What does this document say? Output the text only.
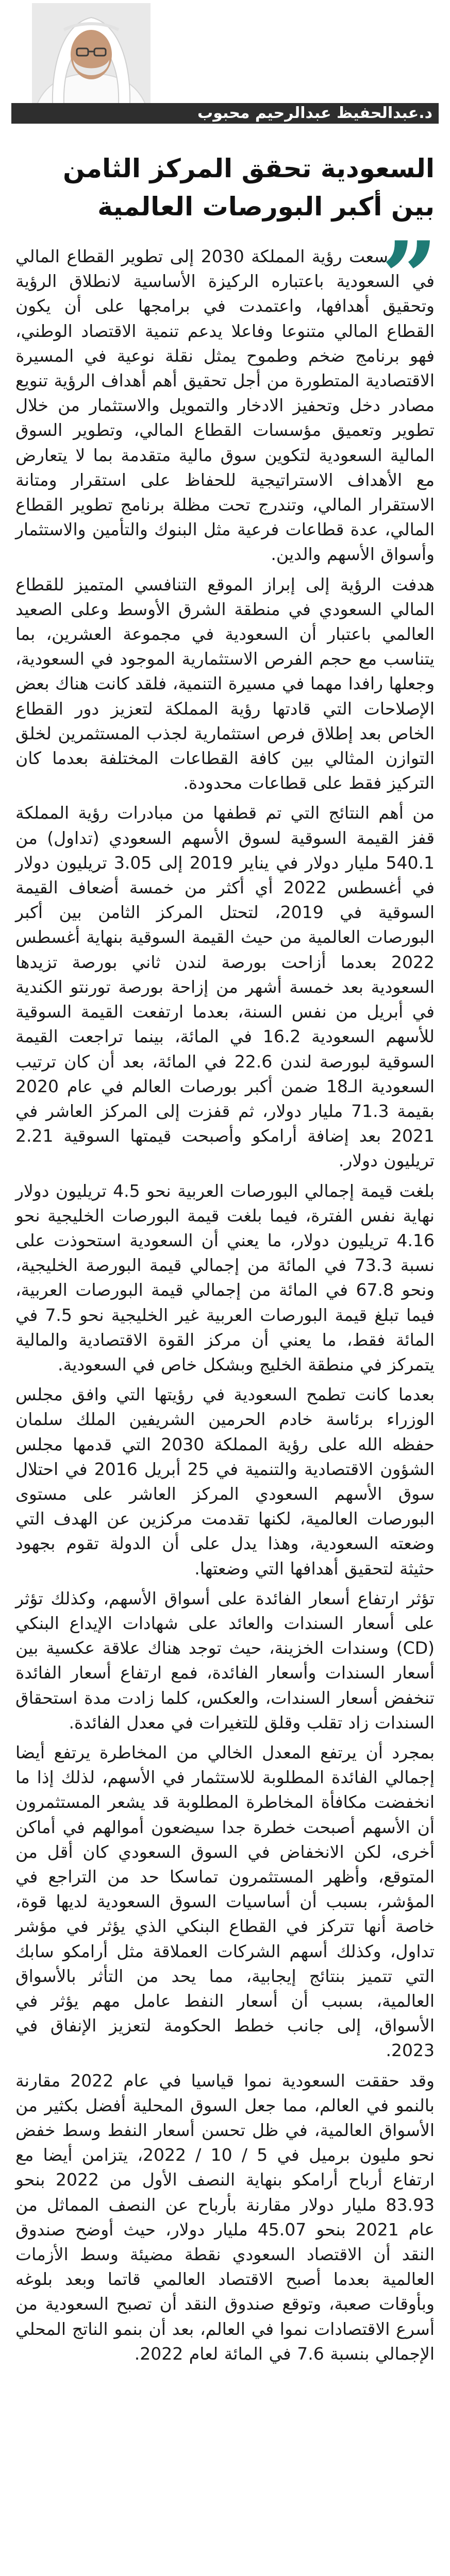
د.عبدالحفيظ عبدالرحيم محبوب
السعودية تحقق المركز الثامن
بين أكبر البورصات العالمية
”

سعت رؤية المملكة 2030 إلى تطوير القطاع المالي في السعودية باعتباره الركيزة الأساسية لانطلاق الرؤية وتحقيق أهدافها، واعتمدت في برامجها على أن يكون القطاع المالي متنوعا وفاعلا يدعم تنمية الاقتصاد الوطني، فهو برنامج ضخم وطموح يمثل نقلة نوعية في المسيرة الاقتصادية المتطورة من أجل تحقيق أهم أهداف الرؤية تنويع مصادر دخل وتحفيز الادخار والتمويل والاستثمار من خلال تطوير وتعميق مؤسسات القطاع المالي، وتطوير السوق المالية السعودية لتكوين سوق مالية متقدمة بما لا يتعارض مع الأهداف الاستراتيجية للحفاظ على استقرار ومتانة الاستقرار المالي، وتندرج تحت مظلة برنامج تطوير القطاع المالي، عدة قطاعات فرعية مثل البنوك والتأمين والاستثمار وأسواق الأسهم والدين.

هدفت الرؤية إلى إبراز الموقع التنافسي المتميز للقطاع المالي السعودي في منطقة الشرق الأوسط وعلى الصعيد العالمي باعتبار أن السعودية في مجموعة العشرين، بما يتناسب مع حجم الفرص الاستثمارية الموجود في السعودية، وجعلها رافدا مهما في مسيرة التنمية، فلقد كانت هناك بعض الإصلاحات التي قادتها رؤية المملكة لتعزيز دور القطاع الخاص بعد إطلاق فرص استثمارية لجذب المستثمرين لخلق التوازن المثالي بين كافة القطاعات المختلفة بعدما كان التركيز فقط على قطاعات محدودة.

من أهم النتائج التي تم قطفها من مبادرات رؤية المملكة قفز القيمة السوقية لسوق الأسهم السعودي (تداول) من 540.1 مليار دولار في يناير 2019 إلى 3.05 تريليون دولار في أغسطس 2022 أي أكثر من خمسة أضعاف القيمة السوقية في 2019، لتحتل المركز الثامن بين أكبر البورصات العالمية من حيث القيمة السوقية بنهاية أغسطس 2022 بعدما أزاحت بورصة لندن ثاني بورصة تزيدها السعودية بعد خمسة أشهر من إزاحة بورصة تورنتو الكندية في أبريل من نفس السنة، بعدما ارتفعت القيمة السوقية للأسهم السعودية 16.2 في المائة، بينما تراجعت القيمة السوقية لبورصة لندن 22.6 في المائة، بعد أن كان ترتيب السعودية الـ18 ضمن أكبر بورصات العالم في عام 2020 بقيمة 71.3 مليار دولار، ثم قفزت إلى المركز العاشر في 2021 بعد إضافة أرامكو وأصبحت قيمتها السوقية 2.21 تريليون دولار.

بلغت قيمة إجمالي البورصات العربية نحو 4.5 تريليون دولار نهاية نفس الفترة، فيما بلغت قيمة البورصات الخليجية نحو 4.16 تريليون دولار، ما يعني أن السعودية استحوذت على نسبة 73.3 في المائة من إجمالي قيمة البورصة الخليجية، ونحو 67.8 في المائة من إجمالي قيمة البورصات العربية، فيما تبلغ قيمة البورصات العربية غير الخليجية نحو 7.5 في المائة فقط، ما يعني أن مركز القوة الاقتصادية والمالية يتمركز في منطقة الخليج وبشكل خاص في السعودية.

بعدما كانت تطمح السعودية في رؤيتها التي وافق مجلس الوزراء برئاسة خادم الحرمين الشريفين الملك سلمان حفظه الله على رؤية المملكة 2030 التي قدمها مجلس الشؤون الاقتصادية والتنمية في 25 أبريل 2016 في احتلال سوق الأسهم السعودي المركز العاشر على مستوى البورصات العالمية، لكنها تقدمت مركزين عن الهدف التي وضعته السعودية، وهذا يدل على أن الدولة تقوم بجهود حثيثة لتحقيق أهدافها التي وضعتها.

تؤثر ارتفاع أسعار الفائدة على أسواق الأسهم، وكذلك تؤثر على أسعار السندات والعائد على شهادات الإيداع البنكي (CD) وسندات الخزينة، حيث توجد هناك علاقة عكسية بين أسعار السندات وأسعار الفائدة، فمع ارتفاع أسعار الفائدة تنخفض أسعار السندات، والعكس، كلما زادت مدة استحقاق السندات زاد تقلب وقلق للتغيرات في معدل الفائدة.

بمجرد أن يرتفع المعدل الخالي من المخاطرة يرتفع أيضا إجمالي الفائدة المطلوبة للاستثمار في الأسهم، لذلك إذا ما انخفضت مكافأة المخاطرة المطلوبة قد يشعر المستثمرون أن الأسهم أصبحت خطرة جدا سيضعون أموالهم في أماكن أخرى، لكن الانخفاض في السوق السعودي كان أقل من المتوقع، وأظهر المستثمرون تماسكا حد من التراجع في المؤشر، بسبب أن أساسيات السوق السعودية لديها قوة، خاصة أنها تتركز في القطاع البنكي الذي يؤثر في مؤشر تداول، وكذلك أسهم الشركات العملاقة مثل أرامكو سابك التي تتميز بنتائج إيجابية، مما يحد من التأثر بالأسواق العالمية، بسبب أن أسعار النفط عامل مهم يؤثر في الأسواق، إلى جانب خطط الحكومة لتعزيز الإنفاق في 2023.

وقد حققت السعودية نموا قياسيا في عام 2022 مقارنة بالنمو في العالم، مما جعل السوق المحلية أفضل بكثير من الأسواق العالمية، في ظل تحسن أسعار النفط وسط خفض نحو مليون برميل في 5 / 10 / 2022، يتزامن أيضا مع ارتفاع أرباح أرامكو بنهاية النصف الأول من 2022 بنحو 83.93 مليار دولار مقارنة بأرباح عن النصف المماثل من عام 2021 بنحو 45.07 مليار دولار، حيث أوضح صندوق النقد أن الاقتصاد السعودي نقطة مضيئة وسط الأزمات العالمية بعدما أصبح الاقتصاد العالمي قاتما وبعد بلوغه وبأوقات صعبة، وتوقع صندوق النقد أن تصبح السعودية من أسرع الاقتصادات نموا في العالم، بعد أن بنمو الناتج المحلي الإجمالي بنسبة 7.6 في المائة لعام 2022.
